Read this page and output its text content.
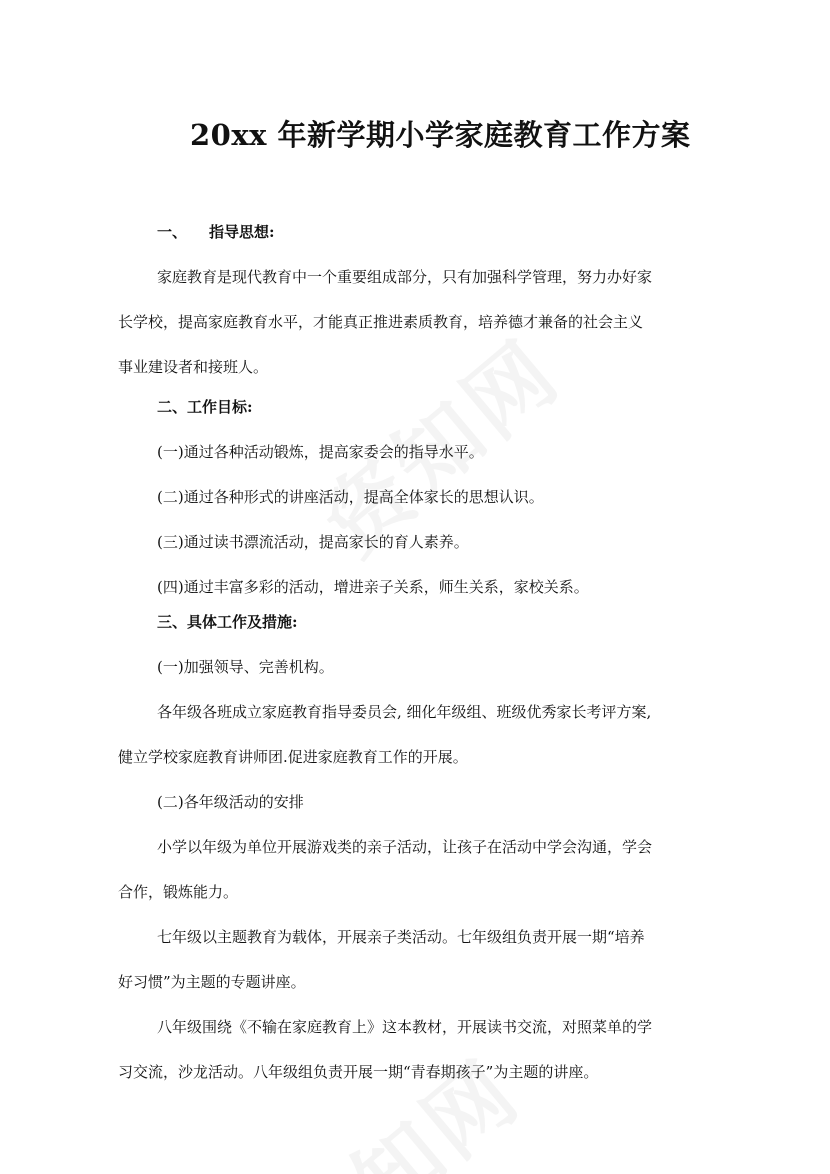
20xx 年新学期小学家庭教育工作方案
一、 指导思想:
家庭教育是现代教育中一个重要组成部分，只有加强科学管理，努力办好家
长学校，提高家庭教育水平，才能真正推进素质教育，培养德才兼备的社会主义
事业建设者和接班人。
二、工作目标:
(一)通过各种活动锻炼，提高家委会的指导水平。
(二)通过各种形式的讲座活动，提高全体家长的思想认识。
(三)通过读书漂流活动，提高家长的育人素养。
(四)通过丰富多彩的活动，增进亲子关系，师生关系，家校关系。
三、具体工作及措施:
(一)加强领导、完善机构。
各年级各班成立家庭教育指导委员会, 细化年级组、班级优秀家长考评方案,
健立学校家庭教育讲师团.促进家庭教育工作的开展。
(二)各年级活动的安排
小学以年级为单位开展游戏类的亲子活动，让孩子在活动中学会沟通，学会
合作，锻炼能力。
七年级以主题教育为载体，开展亲子类活动。七年级组负责开展一期“培养
好习惯”为主题的专题讲座。
八年级围绕《不输在家庭教育上》这本教材，开展读书交流，对照菜单的学
习交流，沙龙活动。八年级组负责开展一期“青春期孩子”为主题的讲座。
